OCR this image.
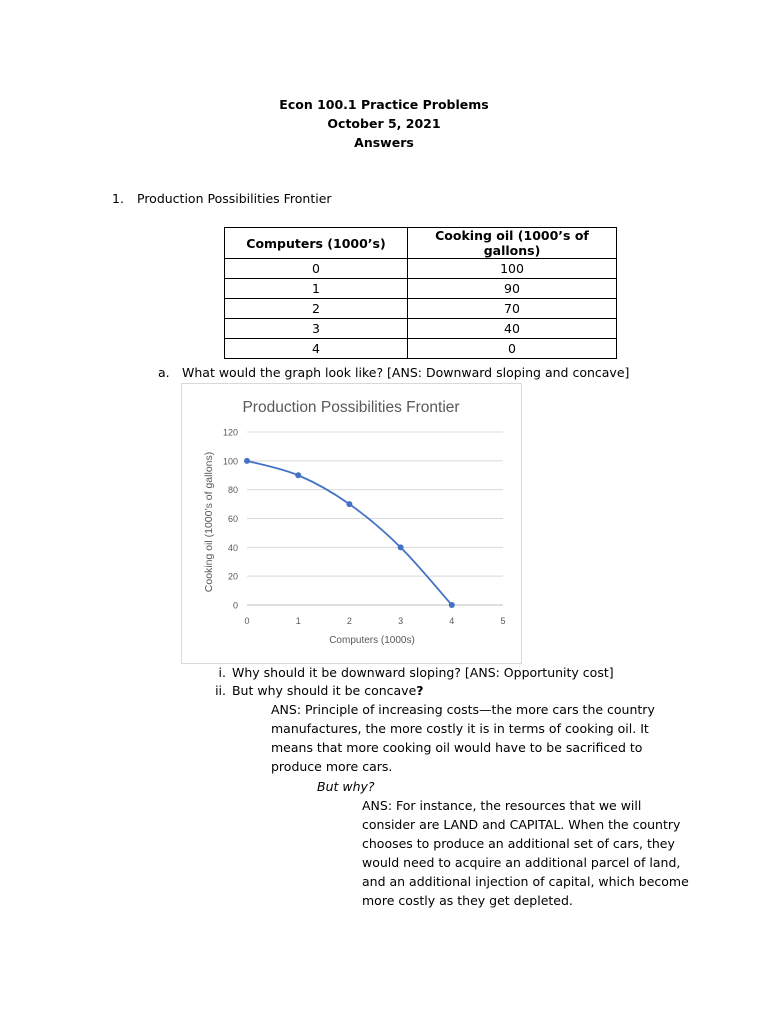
Econ 100.1 Practice Problems
October 5, 2021
Answers
1. Production Possibilities Frontier
Computers (1000’s)	Cooking oil (1000’s of gallons)
0	100
1	90
2	70
3	40
4	0
a. What would the graph look like? [ANS: Downward sloping and concave]
Production Possibilities Frontier
0
20
40
60
80
100
120
0	1	2	3	4	5
Computers (1000s)
Cooking oil (1000’s of gallons)
i. Why should it be downward sloping? [ANS: Opportunity cost]
ii. But why should it be concave?
ANS: Principle of increasing costs—the more cars the country manufactures, the more costly it is in terms of cooking oil. It means that more cooking oil would have to be sacrificed to produce more cars.
But why?
ANS: For instance, the resources that we will consider are LAND and CAPITAL. When the country chooses to produce an additional set of cars, they would need to acquire an additional parcel of land, and an additional injection of capital, which become more costly as they get depleted.
